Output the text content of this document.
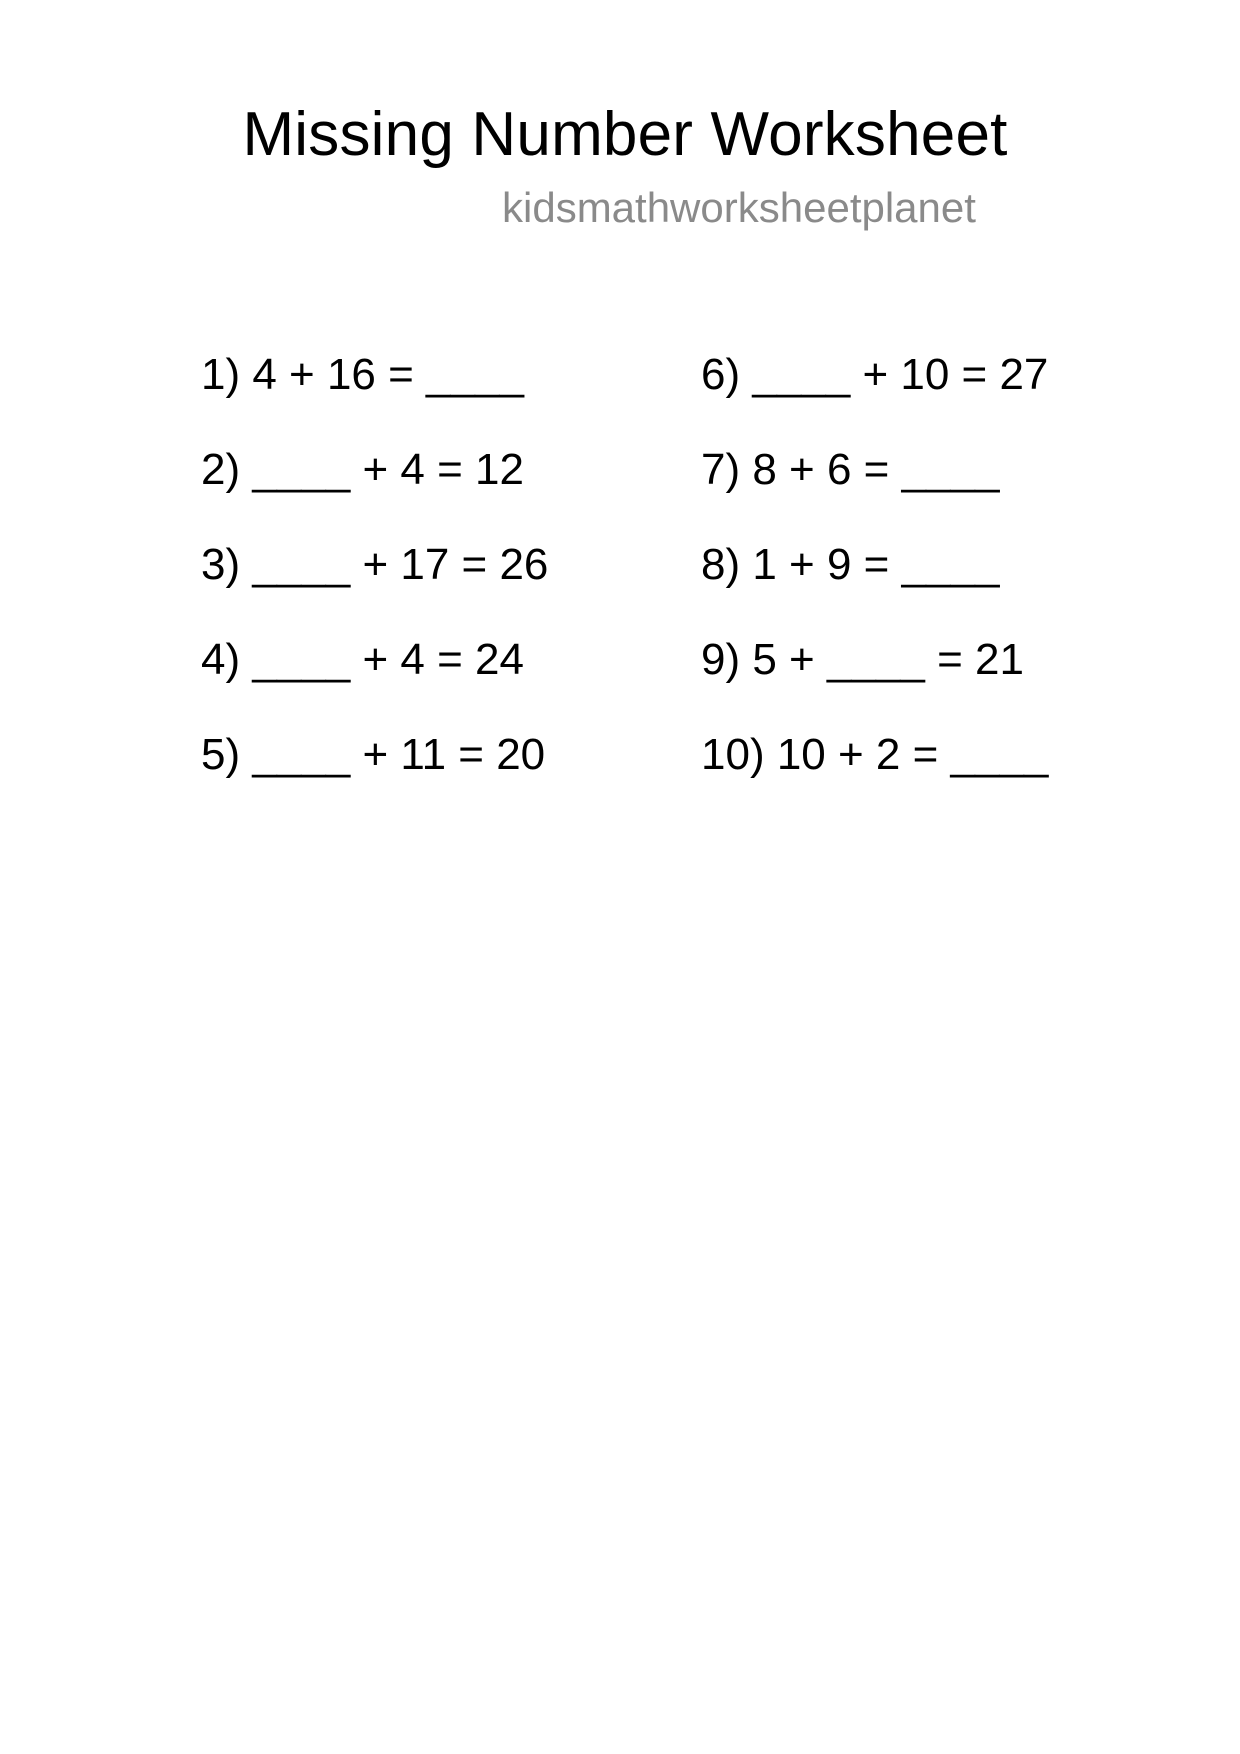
Missing Number Worksheet
kidsmathworksheetplanet
1) 4 + 16 = ____
2) ____ + 4 = 12
3) ____ + 17 = 26
4) ____ + 4 = 24
5) ____ + 11 = 20
6) ____ + 10 = 27
7) 8 + 6 = ____
8) 1 + 9 = ____
9) 5 + ____ = 21
10) 10 + 2 = ____
